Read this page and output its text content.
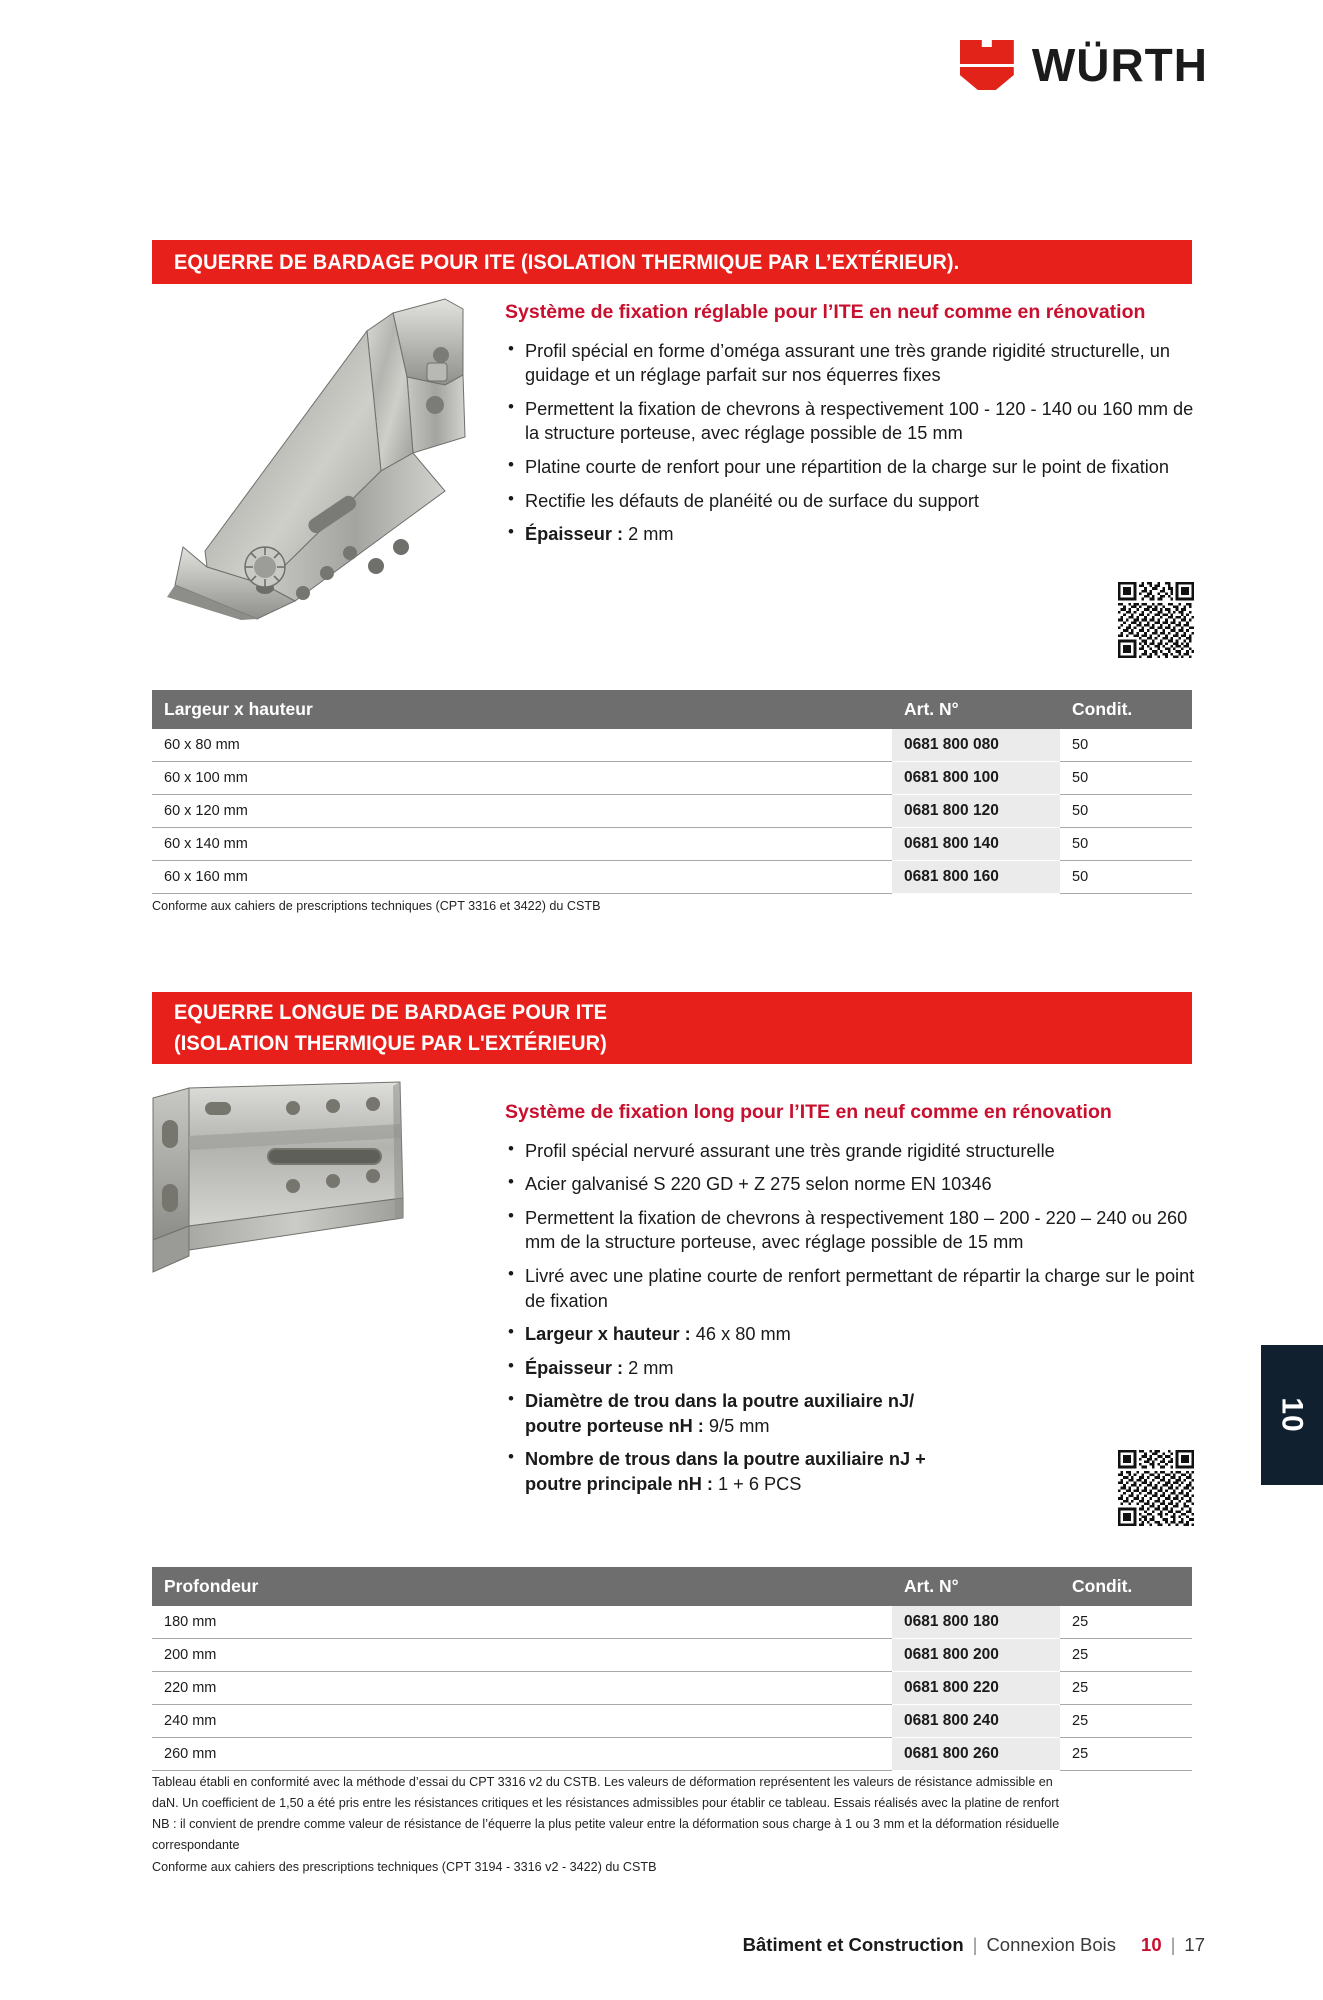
WÜRTH
EQUERRE DE BARDAGE POUR ITE (ISOLATION THERMIQUE PAR L’EXTÉRIEUR).
Système de fixation réglable pour l’ITE en neuf comme en rénovation
• Profil spécial en forme d’oméga assurant une très grande rigidité structurelle, un guidage et un réglage parfait sur nos équerres fixes
• Permettent la fixation de chevrons à respectivement 100 - 120 - 140 ou 160 mm de la structure porteuse, avec réglage possible de 15 mm
• Platine courte de renfort pour une répartition de la charge sur le point de fixation
• Rectifie les défauts de planéité ou de surface du support
• Épaisseur : 2 mm
Largeur x hauteur	Art. N°	Condit.
60 x 80 mm	0681 800 080	50
60 x 100 mm	0681 800 100	50
60 x 120 mm	0681 800 120	50
60 x 140 mm	0681 800 140	50
60 x 160 mm	0681 800 160	50
Conforme aux cahiers de prescriptions techniques (CPT 3316 et 3422) du CSTB
EQUERRE LONGUE DE BARDAGE POUR ITE
(ISOLATION THERMIQUE PAR L'EXTÉRIEUR)
Système de fixation long pour l’ITE en neuf comme en rénovation
• Profil spécial nervuré assurant une très grande rigidité structurelle
• Acier galvanisé S 220 GD + Z 275 selon norme EN 10346
• Permettent la fixation de chevrons à respectivement 180 – 200 - 220 – 240 ou 260 mm de la structure porteuse, avec réglage possible de 15 mm
• Livré avec une platine courte de renfort permettant de répartir la charge sur le point de fixation
• Largeur x hauteur : 46 x 80 mm
• Épaisseur : 2 mm
• Diamètre de trou dans la poutre auxiliaire nJ/ poutre porteuse nH : 9/5 mm
• Nombre de trous dans la poutre auxiliaire nJ + poutre principale nH : 1 + 6 PCS
10
Profondeur	Art. N°	Condit.
180 mm	0681 800 180	25
200 mm	0681 800 200	25
220 mm	0681 800 220	25
240 mm	0681 800 240	25
260 mm	0681 800 260	25
Tableau établi en conformité avec la méthode d’essai du CPT 3316 v2 du CSTB. Les valeurs de déformation représentent les valeurs de résistance admissible en
daN. Un coefficient de 1,50 a été pris entre les résistances critiques et les résistances admissibles pour établir ce tableau. Essais réalisés avec la platine de renfort
NB : il convient de prendre comme valeur de résistance de l’équerre la plus petite valeur entre la déformation sous charge à 1 ou 3 mm et la déformation résiduelle
correspondante
Conforme aux cahiers des prescriptions techniques (CPT 3194 - 3316 v2 - 3422) du CSTB
Bâtiment et Construction | Connexion Bois 10 | 17
